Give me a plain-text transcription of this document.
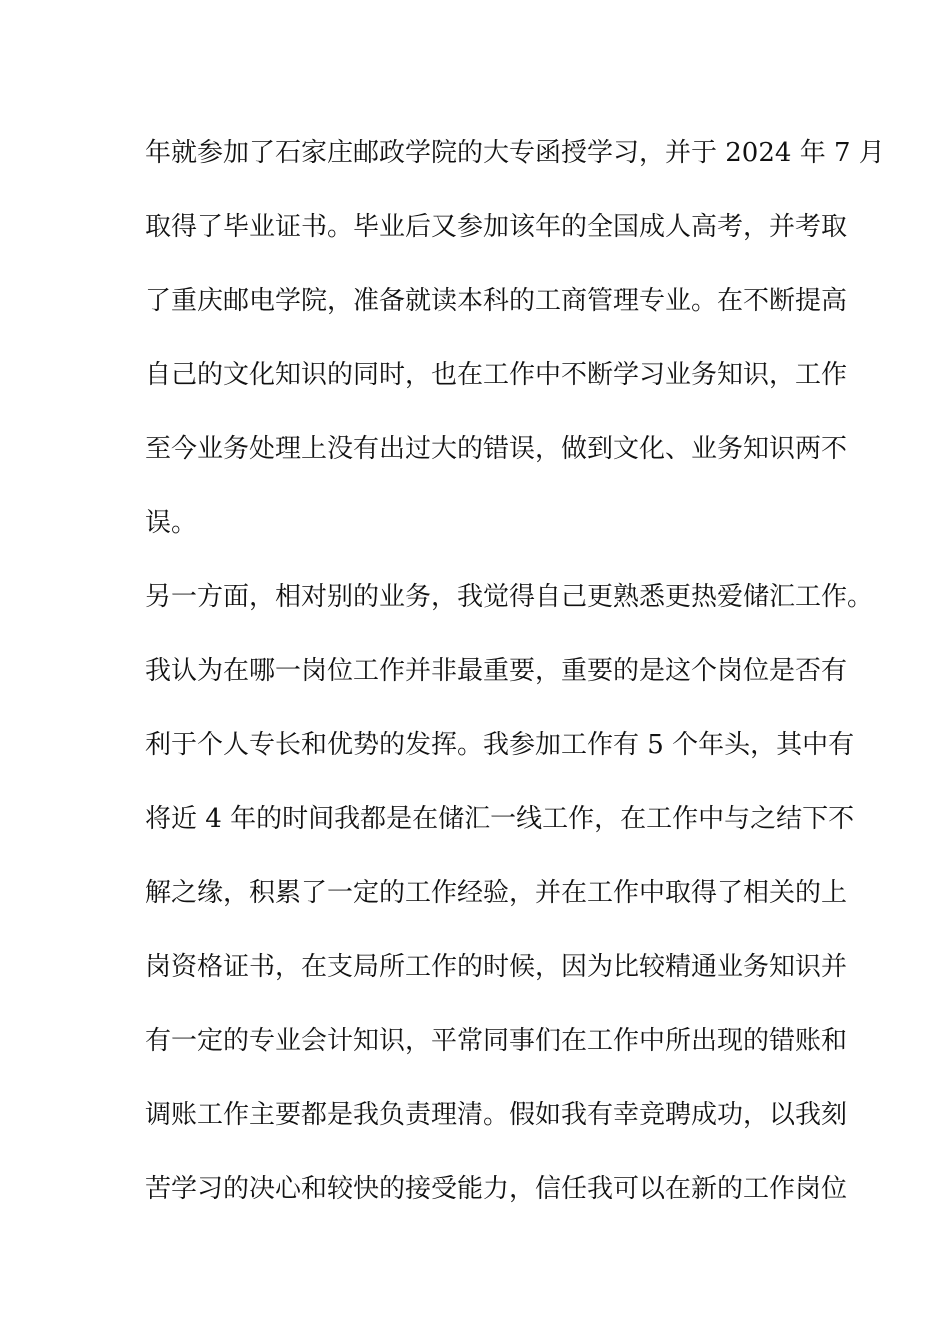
年就参加了石家庄邮政学院的大专函授学习，并于 2024 年 7 月
取得了毕业证书。毕业后又参加该年的全国成人高考，并考取
了重庆邮电学院，准备就读本科的工商管理专业。在不断提高
自己的文化知识的同时，也在工作中不断学习业务知识，工作
至今业务处理上没有出过大的错误，做到文化、业务知识两不
误。
另一方面，相对别的业务，我觉得自己更熟悉更热爱储汇工作。
我认为在哪一岗位工作并非最重要，重要的是这个岗位是否有
利于个人专长和优势的发挥。我参加工作有 5 个年头，其中有
将近 4 年的时间我都是在储汇一线工作，在工作中与之结下不
解之缘，积累了一定的工作经验，并在工作中取得了相关的上
岗资格证书，在支局所工作的时候，因为比较精通业务知识并
有一定的专业会计知识，平常同事们在工作中所出现的错账和
调账工作主要都是我负责理清。假如我有幸竞聘成功，以我刻
苦学习的决心和较快的接受能力，信任我可以在新的工作岗位
